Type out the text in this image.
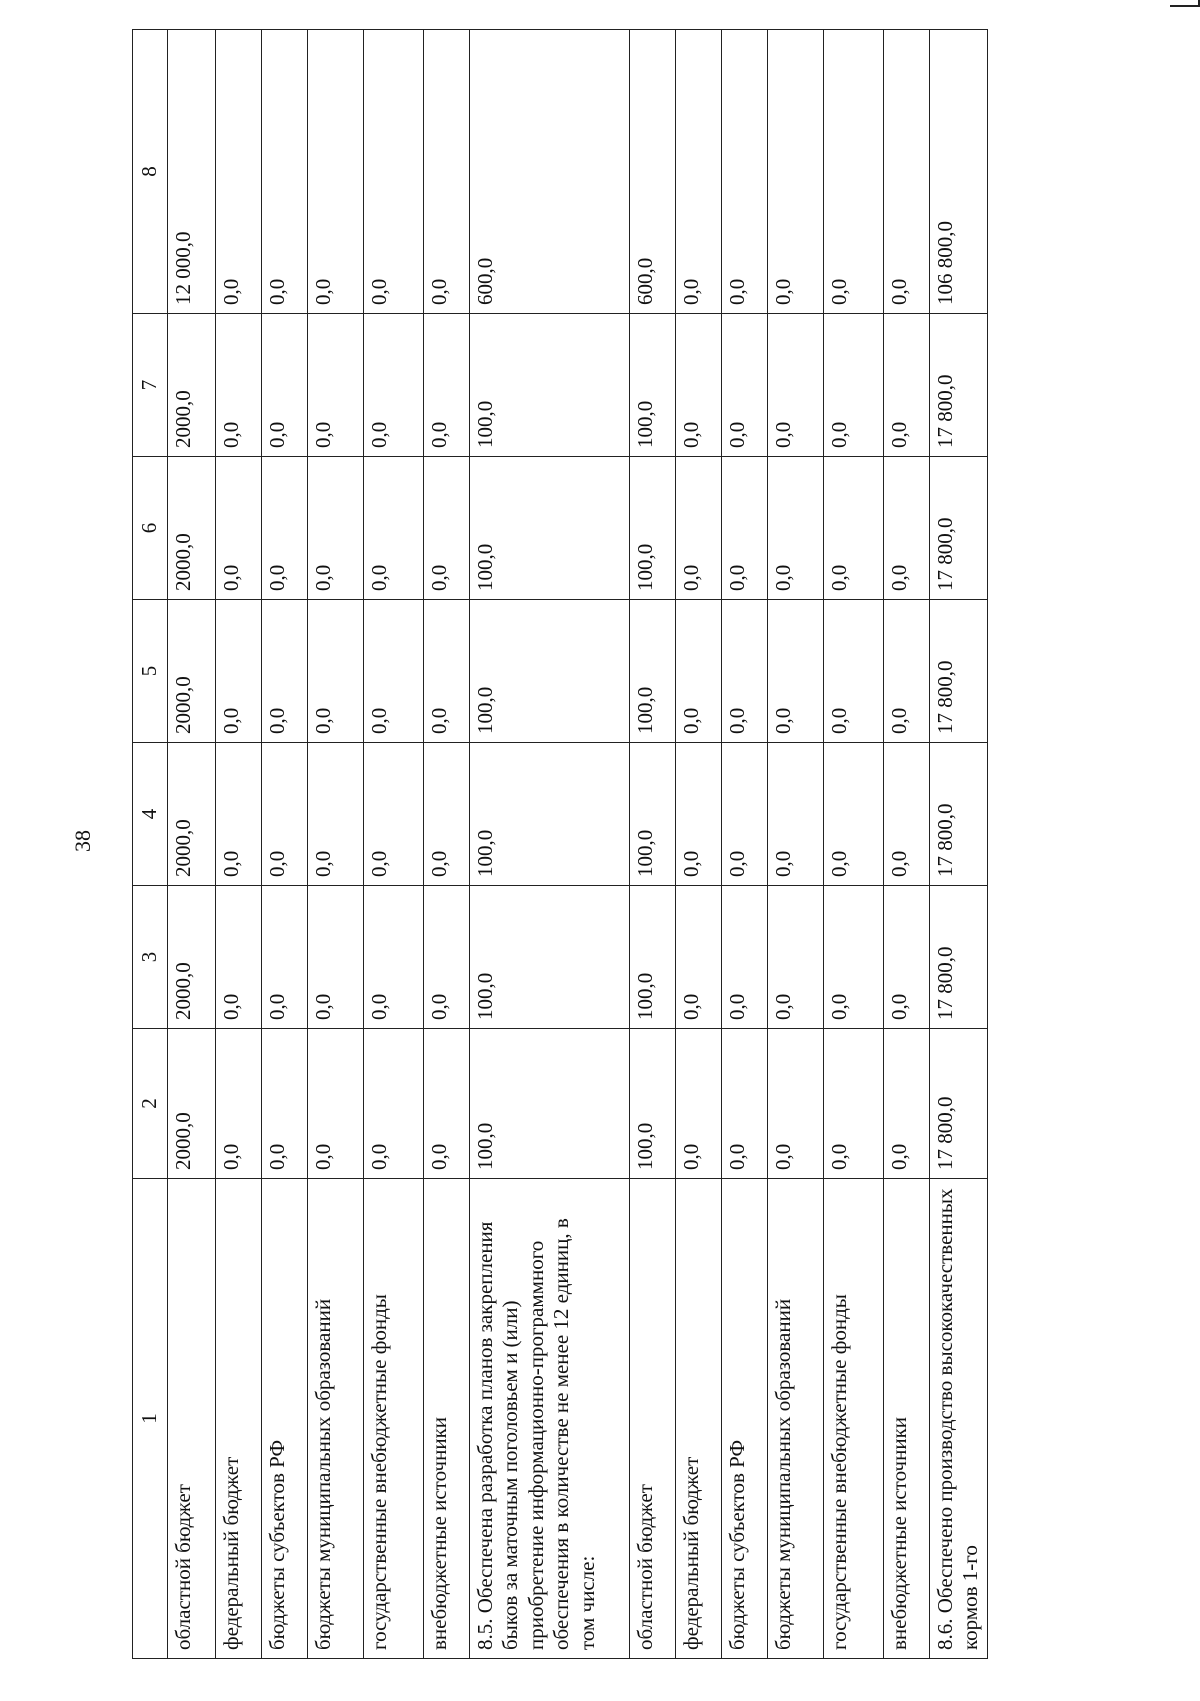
38
1	2	3	4	5	6	7	8
областной бюджет	2000,0	2000,0	2000,0	2000,0	2000,0	2000,0	12 000,0
федеральный бюджет	0,0	0,0	0,0	0,0	0,0	0,0	0,0
бюджеты субъектов РФ	0,0	0,0	0,0	0,0	0,0	0,0	0,0
бюджеты муниципальных образований	0,0	0,0	0,0	0,0	0,0	0,0	0,0
государственные внебюджетные фонды	0,0	0,0	0,0	0,0	0,0	0,0	0,0
внебюджетные источники	0,0	0,0	0,0	0,0	0,0	0,0	0,0
8.5. Обеспечена разработка планов закрепления быков за маточным поголовьем и (или) приобретение информационно-программного обеспечения в количестве не менее 12 единиц, в том числе:	100,0	100,0	100,0	100,0	100,0	100,0	600,0
областной бюджет	100,0	100,0	100,0	100,0	100,0	100,0	600,0
федеральный бюджет	0,0	0,0	0,0	0,0	0,0	0,0	0,0
бюджеты субъектов РФ	0,0	0,0	0,0	0,0	0,0	0,0	0,0
бюджеты муниципальных образований	0,0	0,0	0,0	0,0	0,0	0,0	0,0
государственные внебюджетные фонды	0,0	0,0	0,0	0,0	0,0	0,0	0,0
внебюджетные источники	0,0	0,0	0,0	0,0	0,0	0,0	0,0
8.6. Обеспечено производство высококачественных кормов 1-го	17 800,0	17 800,0	17 800,0	17 800,0	17 800,0	17 800,0	106 800,0
